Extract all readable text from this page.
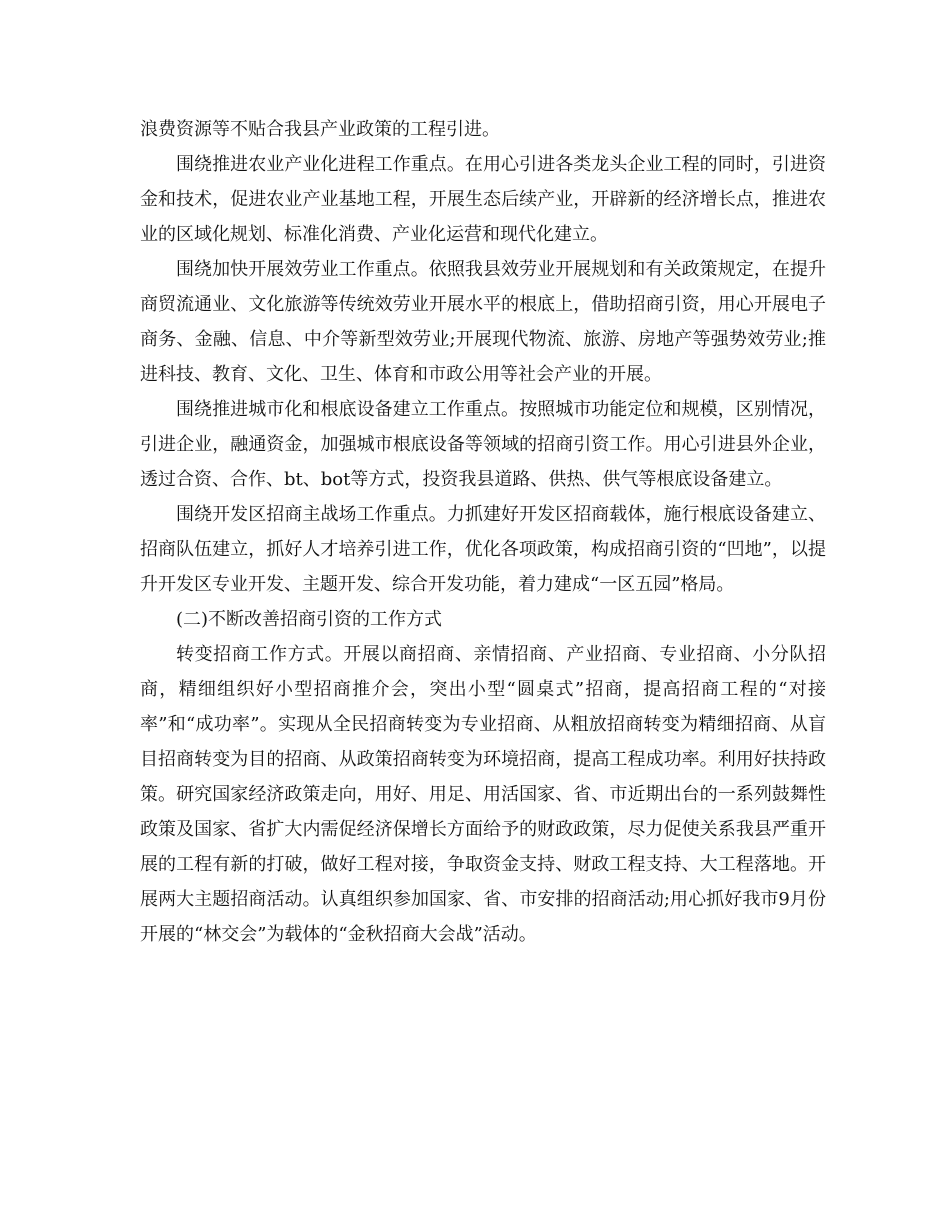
浪费资源等不贴合我县产业政策的工程引进。

围绕推进农业产业化进程工作重点。在用心引进各类龙头企业工程的同时，引进资金和技术，促进农业产业基地工程，开展生态后续产业，开辟新的经济增长点，推进农业的区域化规划、标准化消费、产业化运营和现代化建立。

围绕加快开展效劳业工作重点。依照我县效劳业开展规划和有关政策规定，在提升商贸流通业、文化旅游等传统效劳业开展水平的根底上，借助招商引资，用心开展电子商务、金融、信息、中介等新型效劳业;开展现代物流、旅游、房地产等强势效劳业;推进科技、教育、文化、卫生、体育和市政公用等社会产业的开展。

围绕推进城市化和根底设备建立工作重点。按照城市功能定位和规模，区别情况，引进企业，融通资金，加强城市根底设备等领域的招商引资工作。用心引进县外企业，透过合资、合作、bt、bot等方式，投资我县道路、供热、供气等根底设备建立。

围绕开发区招商主战场工作重点。力抓建好开发区招商载体，施行根底设备建立、招商队伍建立，抓好人才培养引进工作，优化各项政策，构成招商引资的“凹地”，以提升开发区专业开发、主题开发、综合开发功能，着力建成“一区五园”格局。

(二)不断改善招商引资的工作方式

转变招商工作方式。开展以商招商、亲情招商、产业招商、专业招商、小分队招商，精细组织好小型招商推介会，突出小型“圆桌式”招商，提高招商工程的“对接率”和“成功率”。实现从全民招商转变为专业招商、从粗放招商转变为精细招商、从盲目招商转变为目的招商、从政策招商转变为环境招商，提高工程成功率。利用好扶持政策。研究国家经济政策走向，用好、用足、用活国家、省、市近期出台的一系列鼓舞性政策及国家、省扩大内需促经济保增长方面给予的财政政策，尽力促使关系我县严重开展的工程有新的打破，做好工程对接，争取资金支持、财政工程支持、大工程落地。开展两大主题招商活动。认真组织参加国家、省、市安排的招商活动;用心抓好我市9月份开展的“林交会”为载体的“金秋招商大会战”活动。
